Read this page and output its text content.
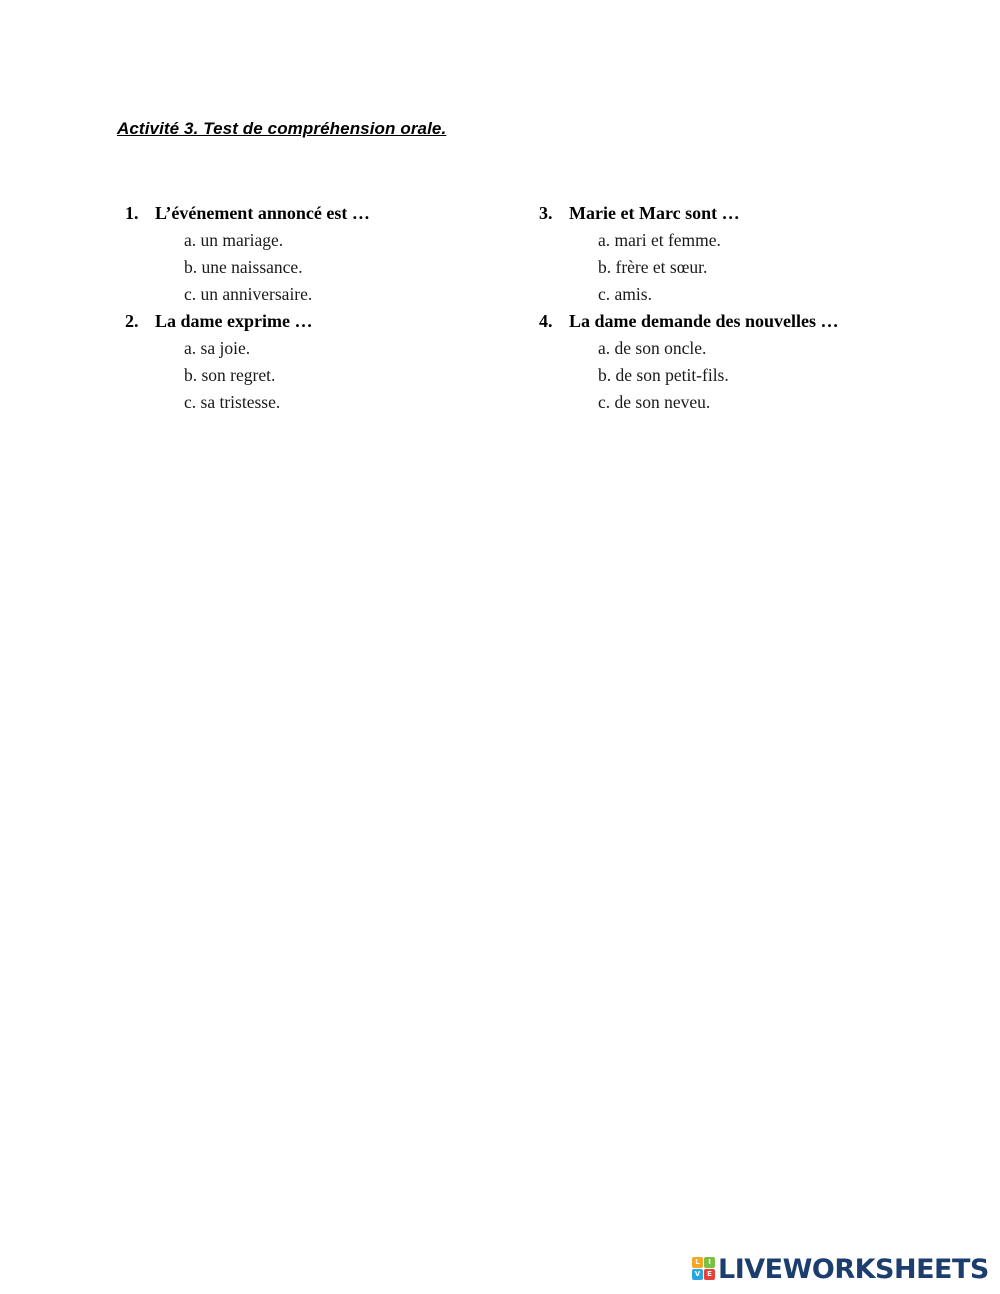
Activité 3. Test de compréhension orale.
1. L’événement annoncé est …
a. un mariage.
b. une naissance.
c. un anniversaire.
2. La dame exprime …
a. sa joie.
b. son regret.
c. sa tristesse.
3. Marie et Marc sont …
a. mari et femme.
b. frère et sœur.
c. amis.
4. La dame demande des nouvelles …
a. de son oncle.
b. de son petit-fils.
c. de son neveu.
L	I
V E LIVEWORKSHEETS
